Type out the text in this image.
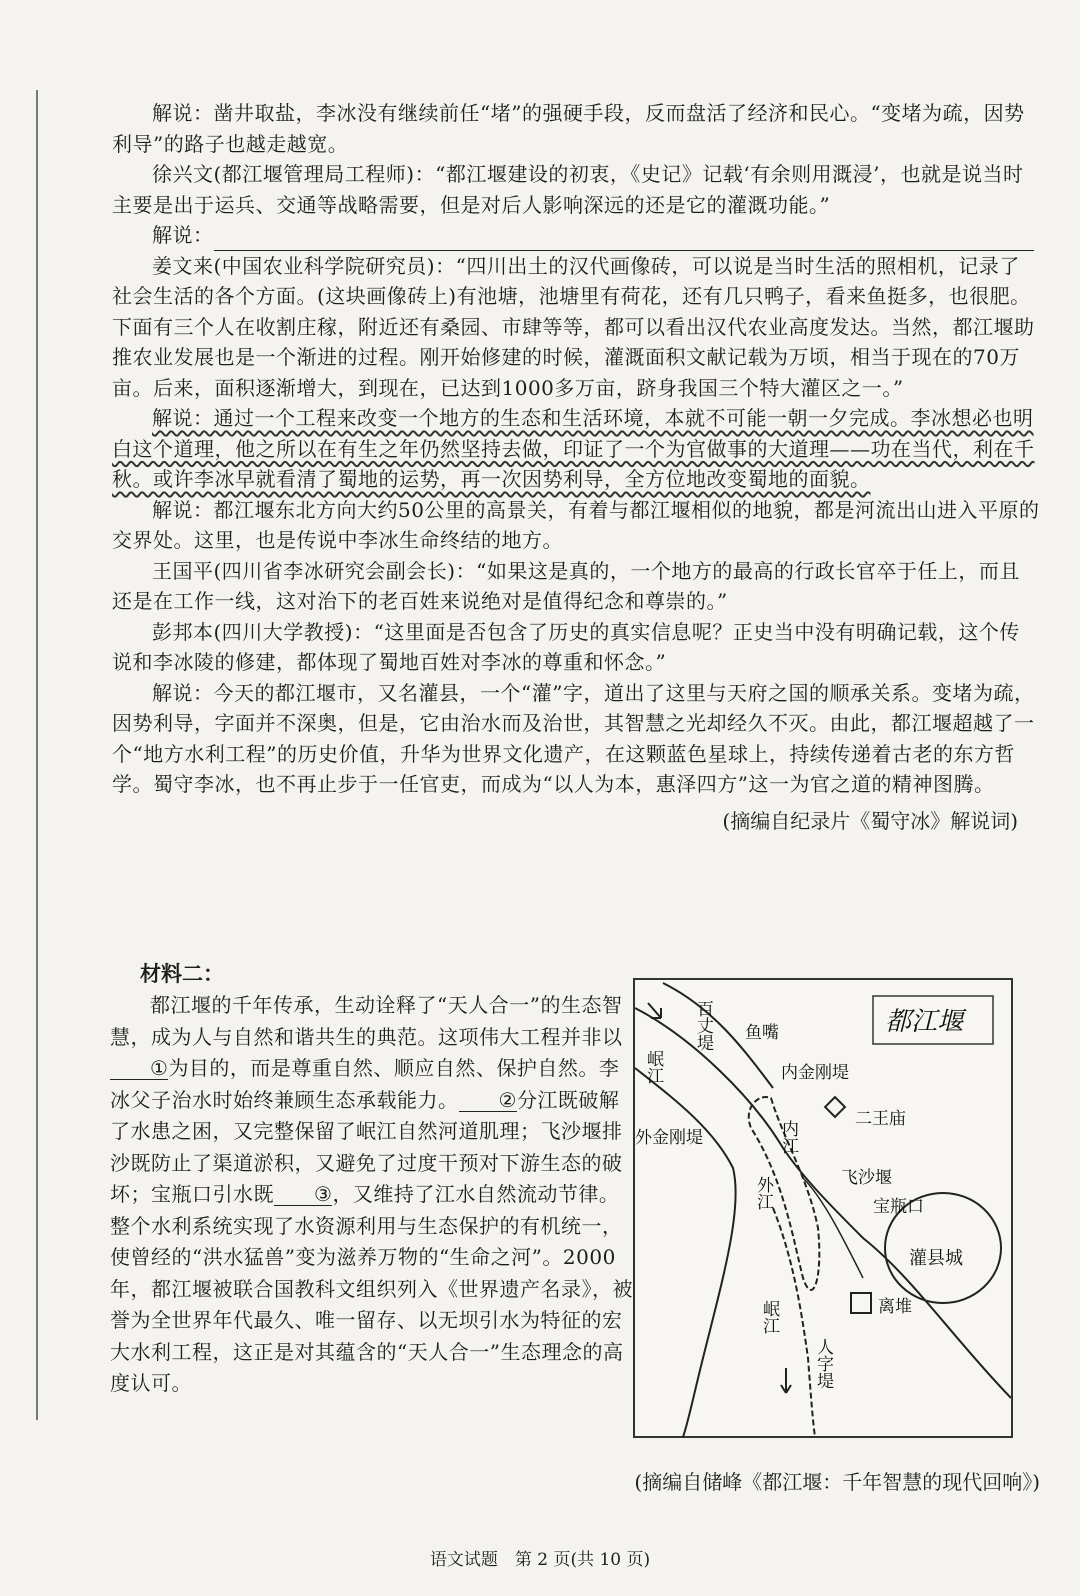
解说：凿井取盐，李冰没有继续前任“堵”的强硬手段，反而盘活了经济和民心。“变堵为疏，因势利导”的路子也越走越宽。

徐兴文(都江堰管理局工程师)：“都江堰建设的初衷，《史记》记载‘有余则用溉浸’，也就是说当时主要是出于运兵、交通等战略需要，但是对后人影响深远的还是它的灌溉功能。”

解说：

姜文来(中国农业科学院研究员)：“四川出土的汉代画像砖，可以说是当时生活的照相机，记录了社会生活的各个方面。(这块画像砖上)有池塘，池塘里有荷花，还有几只鸭子，看来鱼挺多，也很肥。下面有三个人在收割庄稼，附近还有桑园、市肆等等，都可以看出汉代农业高度发达。当然，都江堰助推农业发展也是一个渐进的过程。刚开始修建的时候，灌溉面积文献记载为万顷，相当于现在的70万亩。后来，面积逐渐增大，到现在，已达到1000多万亩，跻身我国三个特大灌区之一。”

解说：通过一个工程来改变一个地方的生态和生活环境，本就不可能一朝一夕完成。李冰想必也明白这个道理，他之所以在有生之年仍然坚持去做，印证了一个为官做事的大道理——功在当代，利在千秋。或许李冰早就看清了蜀地的运势，再一次因势利导，全方位地改变蜀地的面貌。

解说：都江堰东北方向大约50公里的高景关，有着与都江堰相似的地貌，都是河流出山进入平原的交界处。这里，也是传说中李冰生命终结的地方。

王国平(四川省李冰研究会副会长)：“如果这是真的，一个地方的最高的行政长官卒于任上，而且还是在工作一线，这对治下的老百姓来说绝对是值得纪念和尊崇的。”

彭邦本(四川大学教授)：“这里面是否包含了历史的真实信息呢？正史当中没有明确记载，这个传说和李冰陵的修建，都体现了蜀地百姓对李冰的尊重和怀念。”

解说：今天的都江堰市，又名灌县，一个“灌”字，道出了这里与天府之国的顺承关系。变堵为疏，因势利导，字面并不深奥，但是，它由治水而及治世，其智慧之光却经久不灭。由此，都江堰超越了一个“地方水利工程”的历史价值，升华为世界文化遗产，在这颗蓝色星球上，持续传递着古老的东方哲学。蜀守李冰，也不再止步于一任官吏，而成为“以人为本，惠泽四方”这一为官之道的精神图腾。

(摘编自纪录片《蜀守冰》解说词)
材料二：

都江堰的千年传承，生动诠释了“天人合一”的生态智慧，成为人与自然和谐共生的典范。这项伟大工程并非以①为目的，而是尊重自然、顺应自然、保护自然。李冰父子治水时始终兼顾生态承载能力。 ②分江既破解了水患之困，又完整保留了岷江自然河道肌理；飞沙堰排沙既防止了渠道淤积，又避免了过度干预对下游生态的破坏；宝瓶口引水既 ③，又维持了江水自然流动节律。整个水利系统实现了水资源利用与生态保护的有机统一，使曾经的“洪水猛兽”变为滋养万物的“生命之河”。2000年，都江堰被联合国教科文组织列入《世界遗产名录》，被誉为全世界年代最久、唯一留存、以无坝引水为特征的宏大水利工程，这正是对其蕴含的“天人合一”生态理念的高度认可。

都江堰
百丈堤
岷江
鱼嘴
内金刚堤
二王庙
外金刚堤	内江
外江	飞沙堰
宝瓶口
灌县城
岷江
人字堤
离堆
(摘编自储峰《都江堰：千年智慧的现代回响》)
语文试题　第 2 页(共 10 页)
